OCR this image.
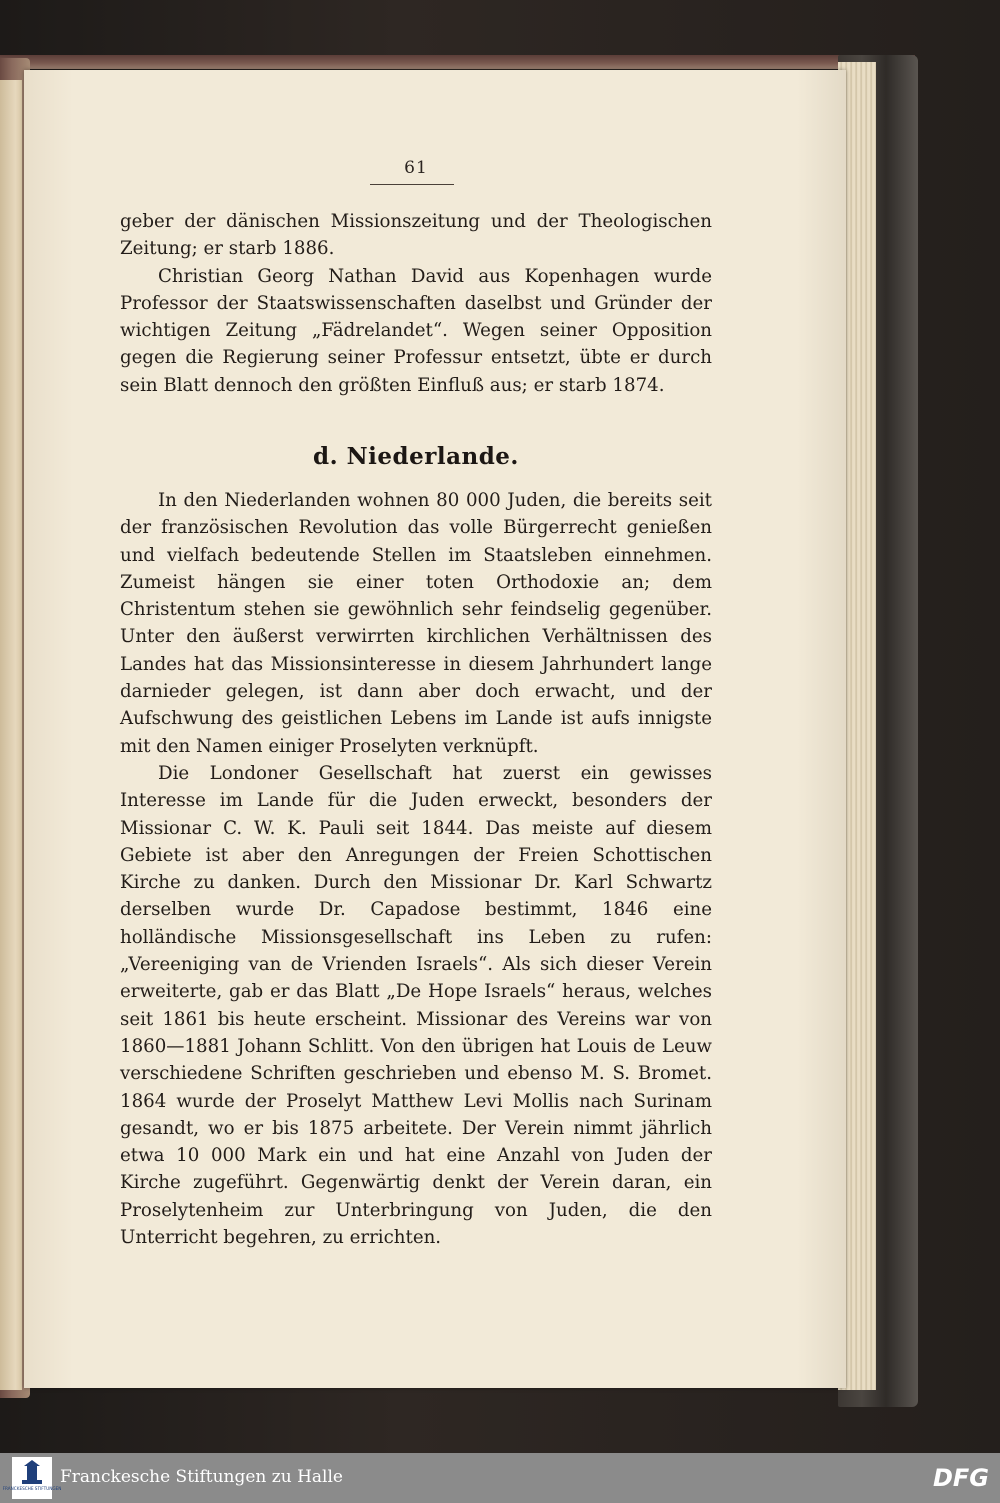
61

geber der dänischen Missionszeitung und der Theologischen Zeitung; er starb 1886.

Christian Georg Nathan David aus Kopenhagen wurde Professor der Staatswissenschaften daselbst und Gründer der wichtigen Zeitung „Fädrelandet“. Wegen seiner Opposition gegen die Regierung seiner Professur entsetzt, übte er durch sein Blatt dennoch den größten Einfluß aus; er starb 1874.

d. Niederlande.

In den Niederlanden wohnen 80 000 Juden, die bereits seit der französischen Revolution das volle Bürgerrecht genießen und vielfach bedeutende Stellen im Staatsleben einnehmen. Zumeist hängen sie einer toten Orthodoxie an; dem Christentum stehen sie gewöhnlich sehr feindselig gegenüber. Unter den äußerst verwirrten kirchlichen Verhältnissen des Landes hat das Missionsinteresse in diesem Jahrhundert lange darnieder gelegen, ist dann aber doch erwacht, und der Aufschwung des geistlichen Lebens im Lande ist aufs innigste mit den Namen einiger Proselyten verknüpft.

Die Londoner Gesellschaft hat zuerst ein gewisses Interesse im Lande für die Juden erweckt, besonders der Missionar C. W. K. Pauli seit 1844. Das meiste auf diesem Gebiete ist aber den Anregungen der Freien Schottischen Kirche zu danken. Durch den Missionar Dr. Karl Schwartz derselben wurde Dr. Capadose bestimmt, 1846 eine holländische Missionsgesellschaft ins Leben zu rufen: „Vereeniging van de Vrienden Israels“. Als sich dieser Verein erweiterte, gab er das Blatt „De Hope Israels“ heraus, welches seit 1861 bis heute erscheint. Missionar des Vereins war von 1860—1881 Johann Schlitt. Von den übrigen hat Louis de Leuw verschiedene Schriften geschrieben und ebenso M. S. Bromet. 1864 wurde der Proselyt Matthew Levi Mollis nach Surinam gesandt, wo er bis 1875 arbeitete. Der Verein nimmt jährlich etwa 10 000 Mark ein und hat eine Anzahl von Juden der Kirche zugeführt. Gegenwärtig denkt der Verein daran, ein Proselytenheim zur Unterbringung von Juden, die den Unterricht begehren, zu errichten.

FRANCKESCHE STIFTUNGEN
Franckesche Stiftungen zu Halle	DFG
